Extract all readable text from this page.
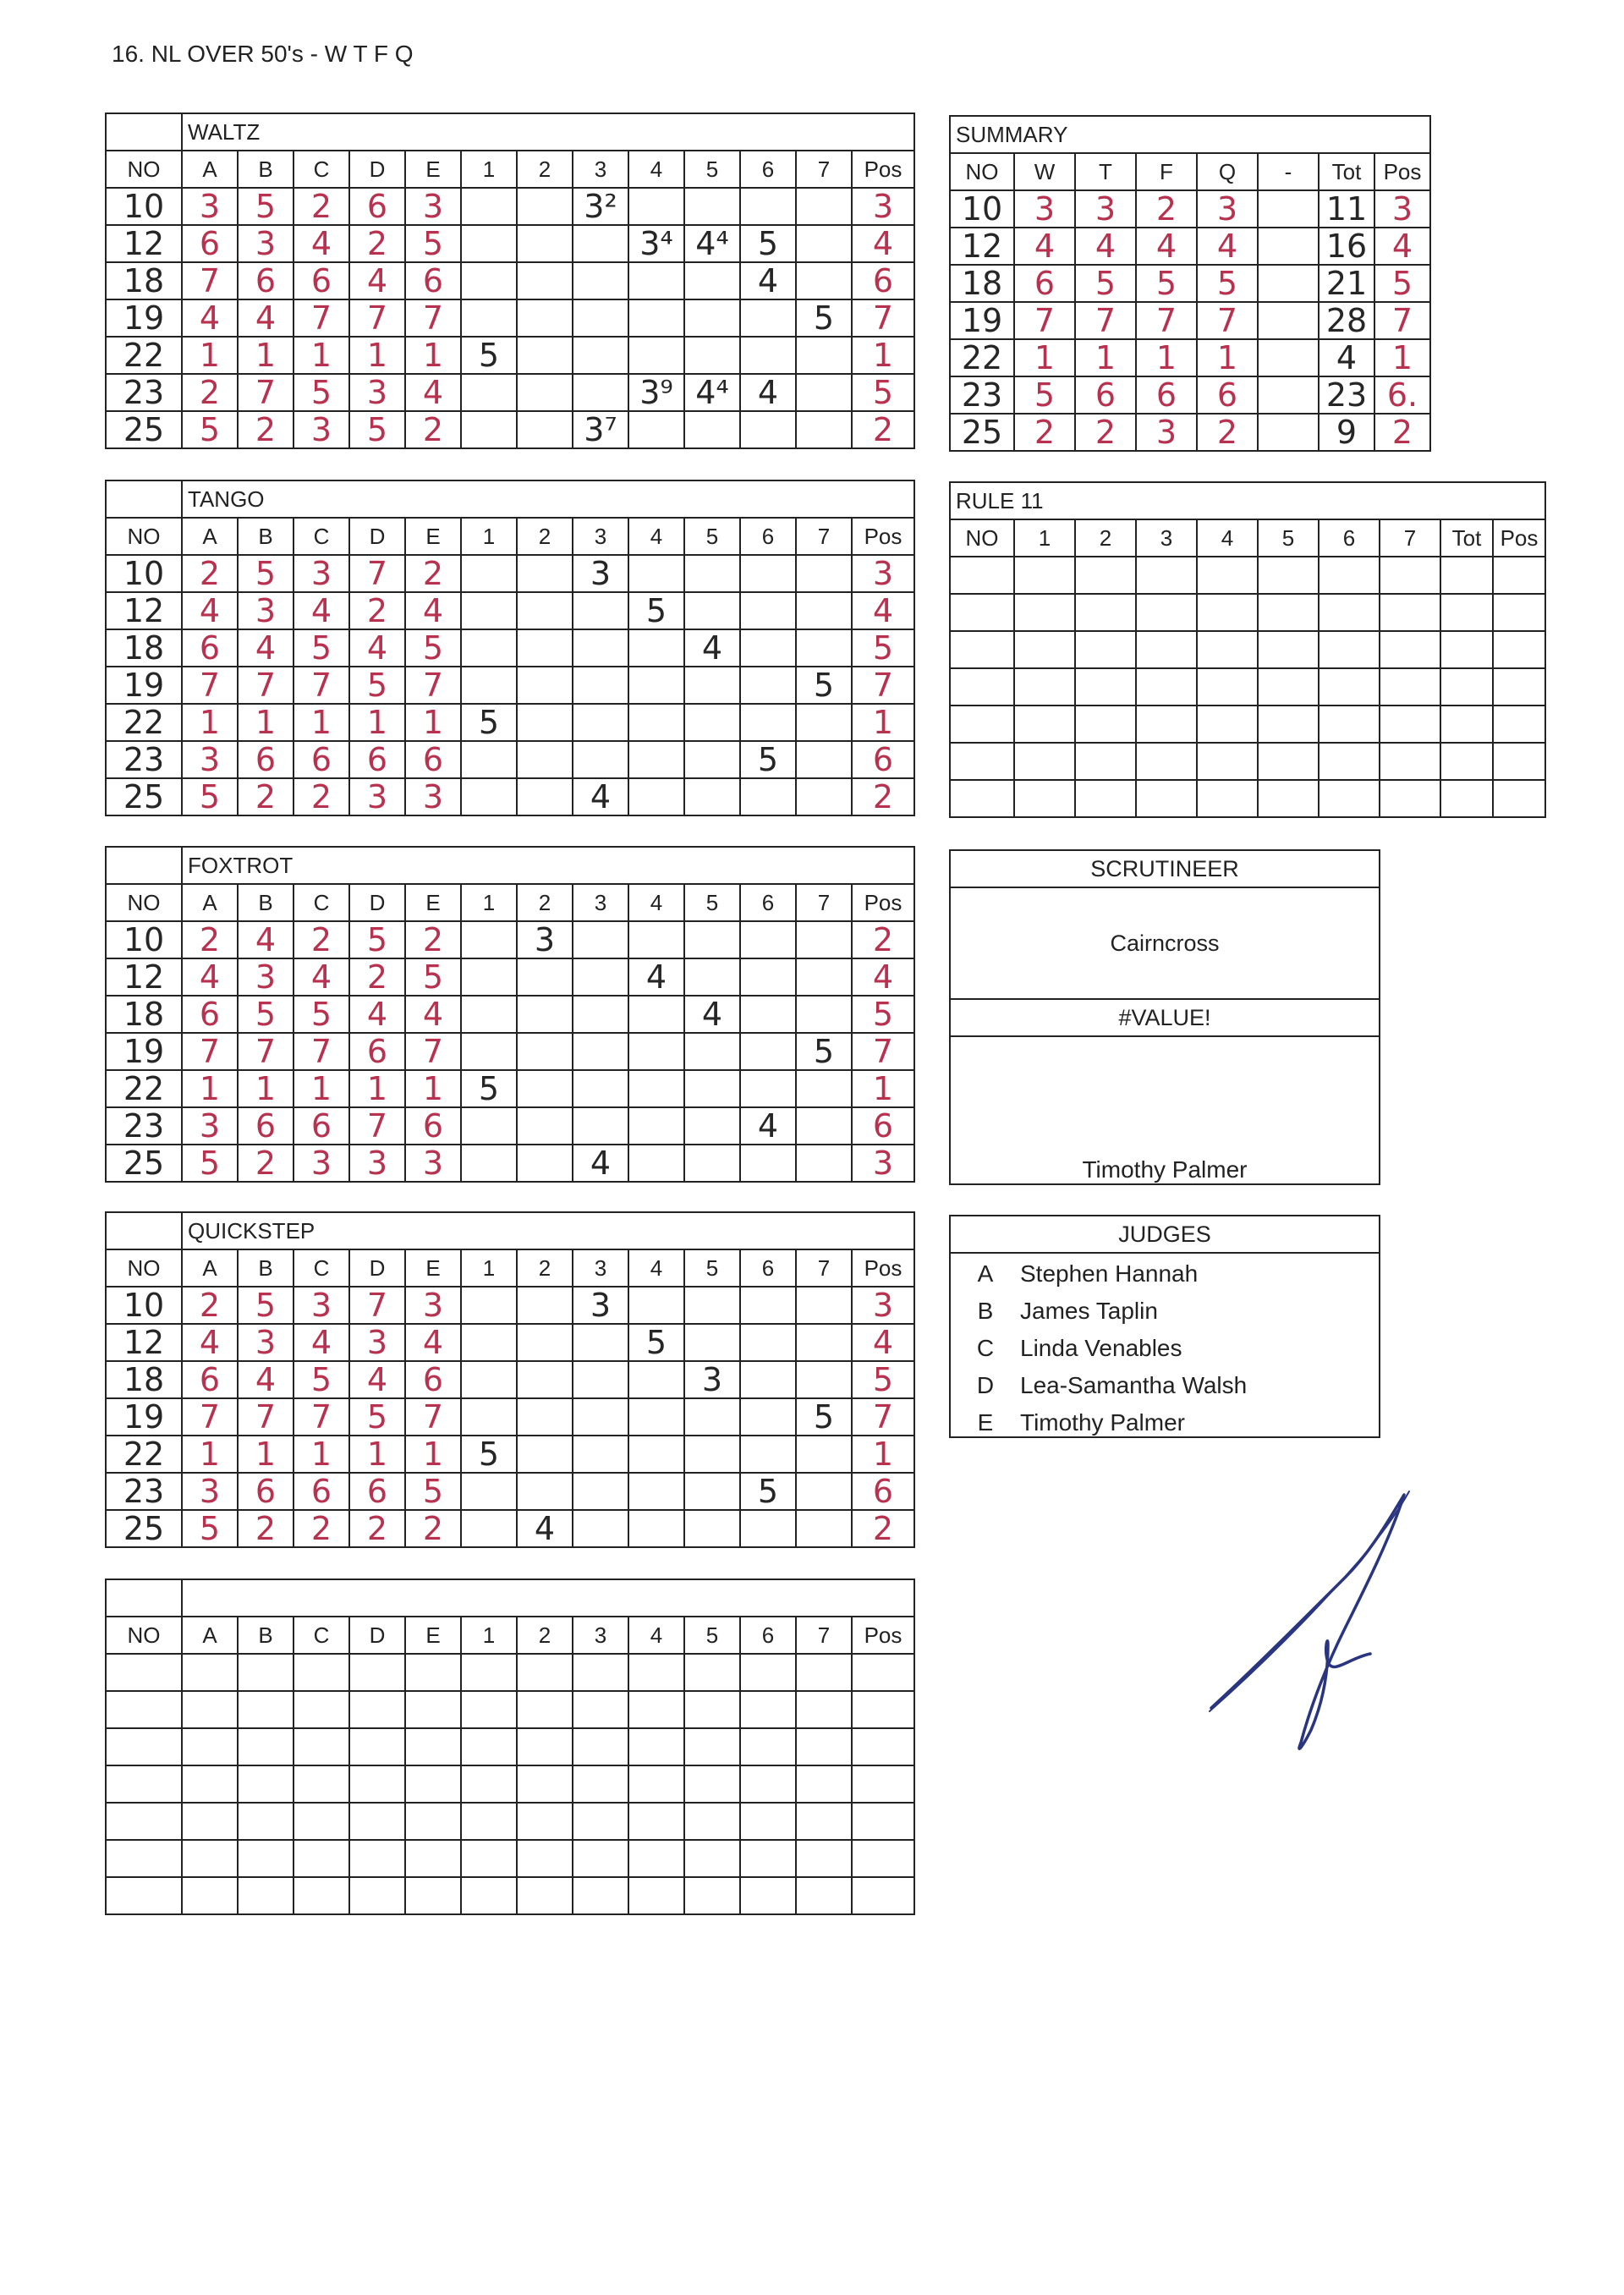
16. NL OVER 50's - W T F Q
	WALTZ												
NO	A	B	C	D	E	1	2	3	4	5	6	7	Pos
10	3	5	2	6	3			3²					3
12	6	3	4	2	5				3⁴	4⁴	5		4
18	7	6	6	4	6						4		6
19	4	4	7	7	7							5	7
22	1	1	1	1	1	5							1
23	2	7	5	3	4				3⁹	4⁴	4		5
25	5	2	3	5	2			3⁷					2
	TANGO												
NO	A	B	C	D	E	1	2	3	4	5	6	7	Pos
10	2	5	3	7	2			3					3
12	4	3	4	2	4				5				4
18	6	4	5	4	5					4			5
19	7	7	7	5	7							5	7
22	1	1	1	1	1	5							1
23	3	6	6	6	6						5		6
25	5	2	2	3	3			4					2
	FOXTROT												
NO	A	B	C	D	E	1	2	3	4	5	6	7	Pos
10	2	4	2	5	2		3						2
12	4	3	4	2	5				4				4
18	6	5	5	4	4					4			5
19	7	7	7	6	7							5	7
22	1	1	1	1	1	5							1
23	3	6	6	7	6						4		6
25	5	2	3	3	3			4					3
	QUICKSTEP												
NO	A	B	C	D	E	1	2	3	4	5	6	7	Pos
10	2	5	3	7	3			3					3
12	4	3	4	3	4				5				4
18	6	4	5	4	6					3			5
19	7	7	7	5	7							5	7
22	1	1	1	1	1	5							1
23	3	6	6	6	5						5		6
25	5	2	2	2	2		4						2

NO	A	B	C	D	E	1	2	3	4	5	6	7	Pos

SUMMARY							
NO	W	T	F	Q	-	Tot	Pos
10	3	3	2	3		11	3
12	4	4	4	4		16	4
18	6	5	5	5		21	5
19	7	7	7	7		28	7
22	1	1	1	1		4	1
23	5	6	6	6		23	6.
25	2	2	3	2		9	2
RULE 11									
NO	1	2	3	4	5	6	7	Tot	Pos

SCRUTINEER
Cairncross
#VALUE!
Timothy Palmer
JUDGES
A	Stephen Hannah
B	James Taplin
C	Linda Venables
D	Lea-Samantha Walsh
E	Timothy Palmer
